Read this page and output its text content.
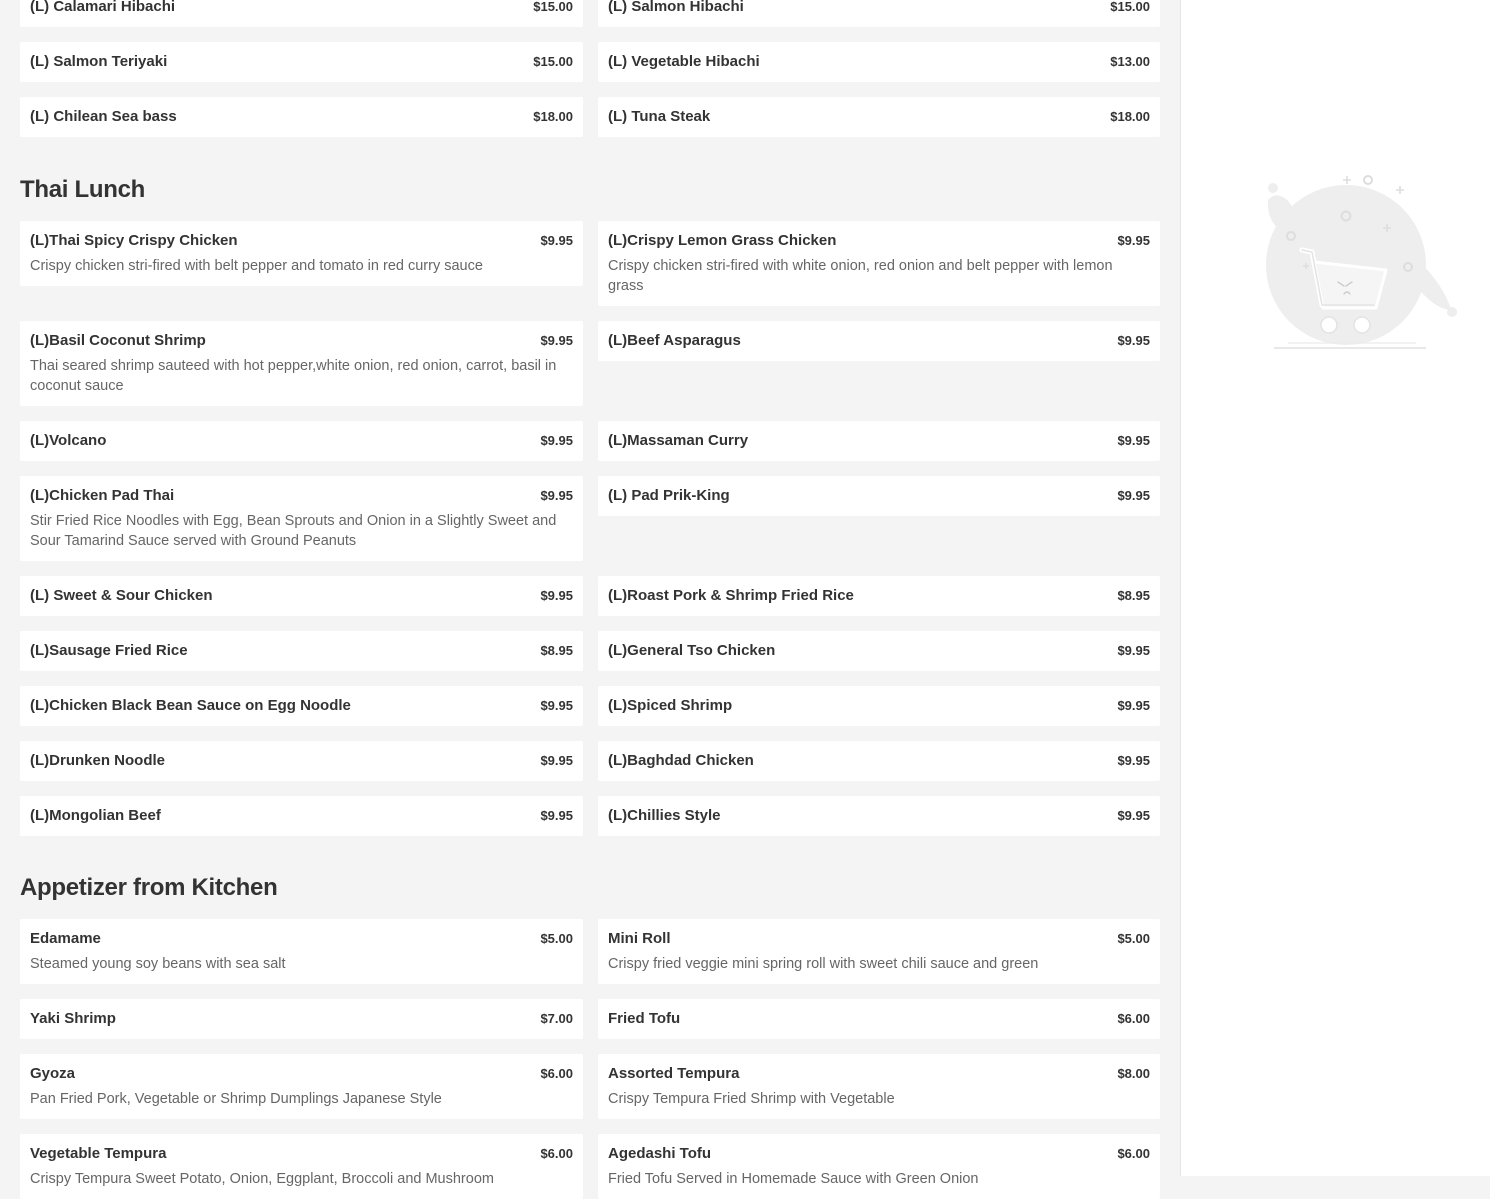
(L) Calamari Hibachi	$15.00 (L) Salmon Hibachi	$15.00
(L) Salmon Teriyaki	$15.00 (L) Vegetable Hibachi	$13.00
(L) Chilean Sea bass	$18.00 (L) Tuna Steak	$18.00
Thai Lunch
(L)Thai Spicy Crispy Chicken	$9.95
Crispy chicken stri-fired with belt pepper and tomato in red curry sauce
(L)Crispy Lemon Grass Chicken	$9.95
Crispy chicken stri-fired with white onion, red onion and belt pepper with lemon grass
(L)Basil Coconut Shrimp	$9.95
Thai seared shrimp sauteed with hot pepper,white onion, red onion, carrot, basil in coconut sauce
(L)Beef Asparagus	$9.95
(L)Volcano	$9.95 (L)Massaman Curry	$9.95
(L)Chicken Pad Thai	$9.95
Stir Fried Rice Noodles with Egg, Bean Sprouts and Onion in a Slightly Sweet and Sour Tamarind Sauce served with Ground Peanuts
(L) Pad Prik-King	$9.95
(L) Sweet & Sour Chicken	$9.95 (L)Roast Pork & Shrimp Fried Rice	$8.95
(L)Sausage Fried Rice	$8.95 (L)General Tso Chicken	$9.95
(L)Chicken Black Bean Sauce on Egg Noodle	$9.95 (L)Spiced Shrimp	$9.95
(L)Drunken Noodle	$9.95 (L)Baghdad Chicken	$9.95
(L)Mongolian Beef	$9.95 (L)Chillies Style	$9.95
Appetizer from Kitchen
Edamame	$5.00
Steamed young soy beans with sea salt
Mini Roll	$5.00
Crispy fried veggie mini spring roll with sweet chili sauce and green
Yaki Shrimp	$7.00 Fried Tofu	$6.00
Gyoza	$6.00
Pan Fried Pork, Vegetable or Shrimp Dumplings Japanese Style
Assorted Tempura	$8.00
Crispy Tempura Fried Shrimp with Vegetable
Vegetable Tempura	$6.00
Crispy Tempura Sweet Potato, Onion, Eggplant, Broccoli and Mushroom
Agedashi Tofu	$6.00
Fried Tofu Served in Homemade Sauce with Green Onion
